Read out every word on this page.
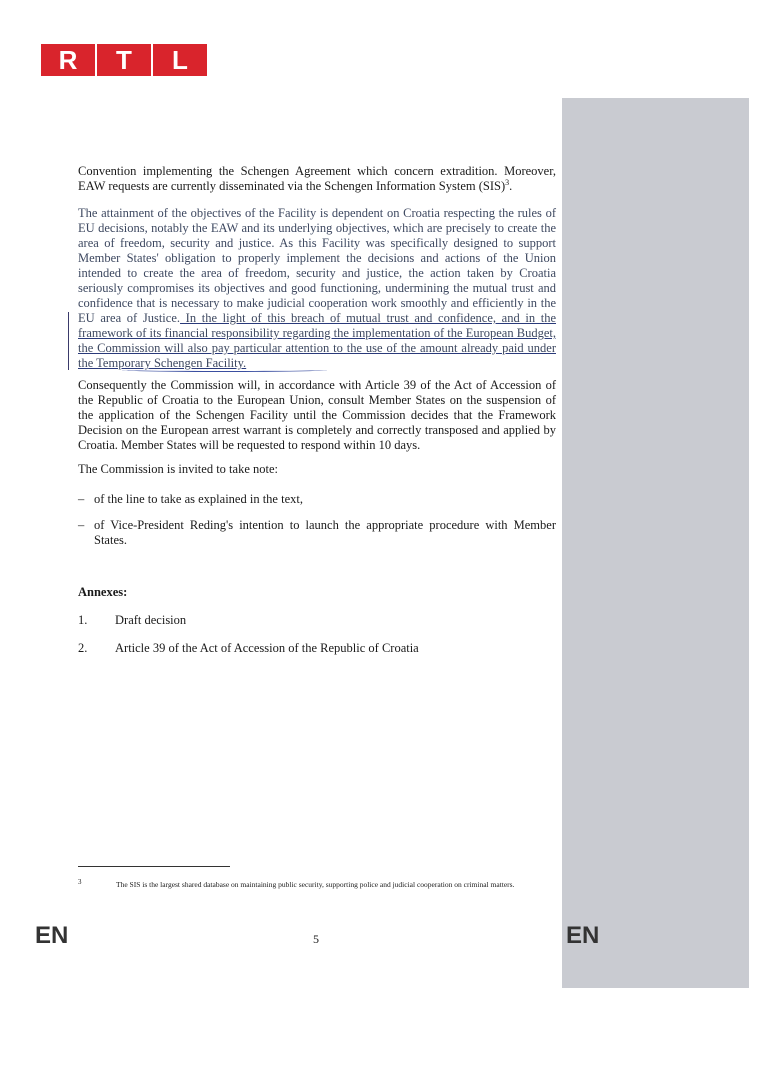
R	T	L

Convention implementing the Schengen Agreement which concern extradition. Moreover, EAW requests are currently disseminated via the Schengen Information System (SIS)$^3$.

The attainment of the objectives of the Facility is dependent on Croatia respecting the rules of EU decisions, notably the EAW and its underlying objectives, which are precisely to create the area of freedom, security and justice. As this Facility was specifically designed to support Member States' obligation to properly implement the decisions and actions of the Union intended to create the area of freedom, security and justice, the action taken by Croatia seriously compromises its objectives and good functioning, undermining the mutual trust and confidence that is necessary to make judicial cooperation work smoothly and efficiently in the EU area of Justice. In the light of this breach of mutual trust and confidence, and in the framework of its financial responsibility regarding the implementation of the European Budget, the Commission will also pay particular attention to the use of the amount already paid under the Temporary Schengen Facility.

Consequently the Commission will, in accordance with Article 39 of the Act of Accession of the Republic of Croatia to the European Union, consult Member States on the suspension of the application of the Schengen Facility until the Commission decides that the Framework Decision on the European arrest warrant is completely and correctly transposed and applied by Croatia. Member States will be requested to respond within 10 days.

The Commission is invited to take note:

– of the line to take as explained in the text,
– of Vice-President Reding's intention to launch the appropriate procedure with Member States.
Annexes:
1.	Draft decision
2.	Article 39 of the Act of Accession of the Republic of Croatia
3	The SIS is the largest shared database on maintaining public security, supporting police and judicial cooperation on criminal matters.
EN	5	EN
